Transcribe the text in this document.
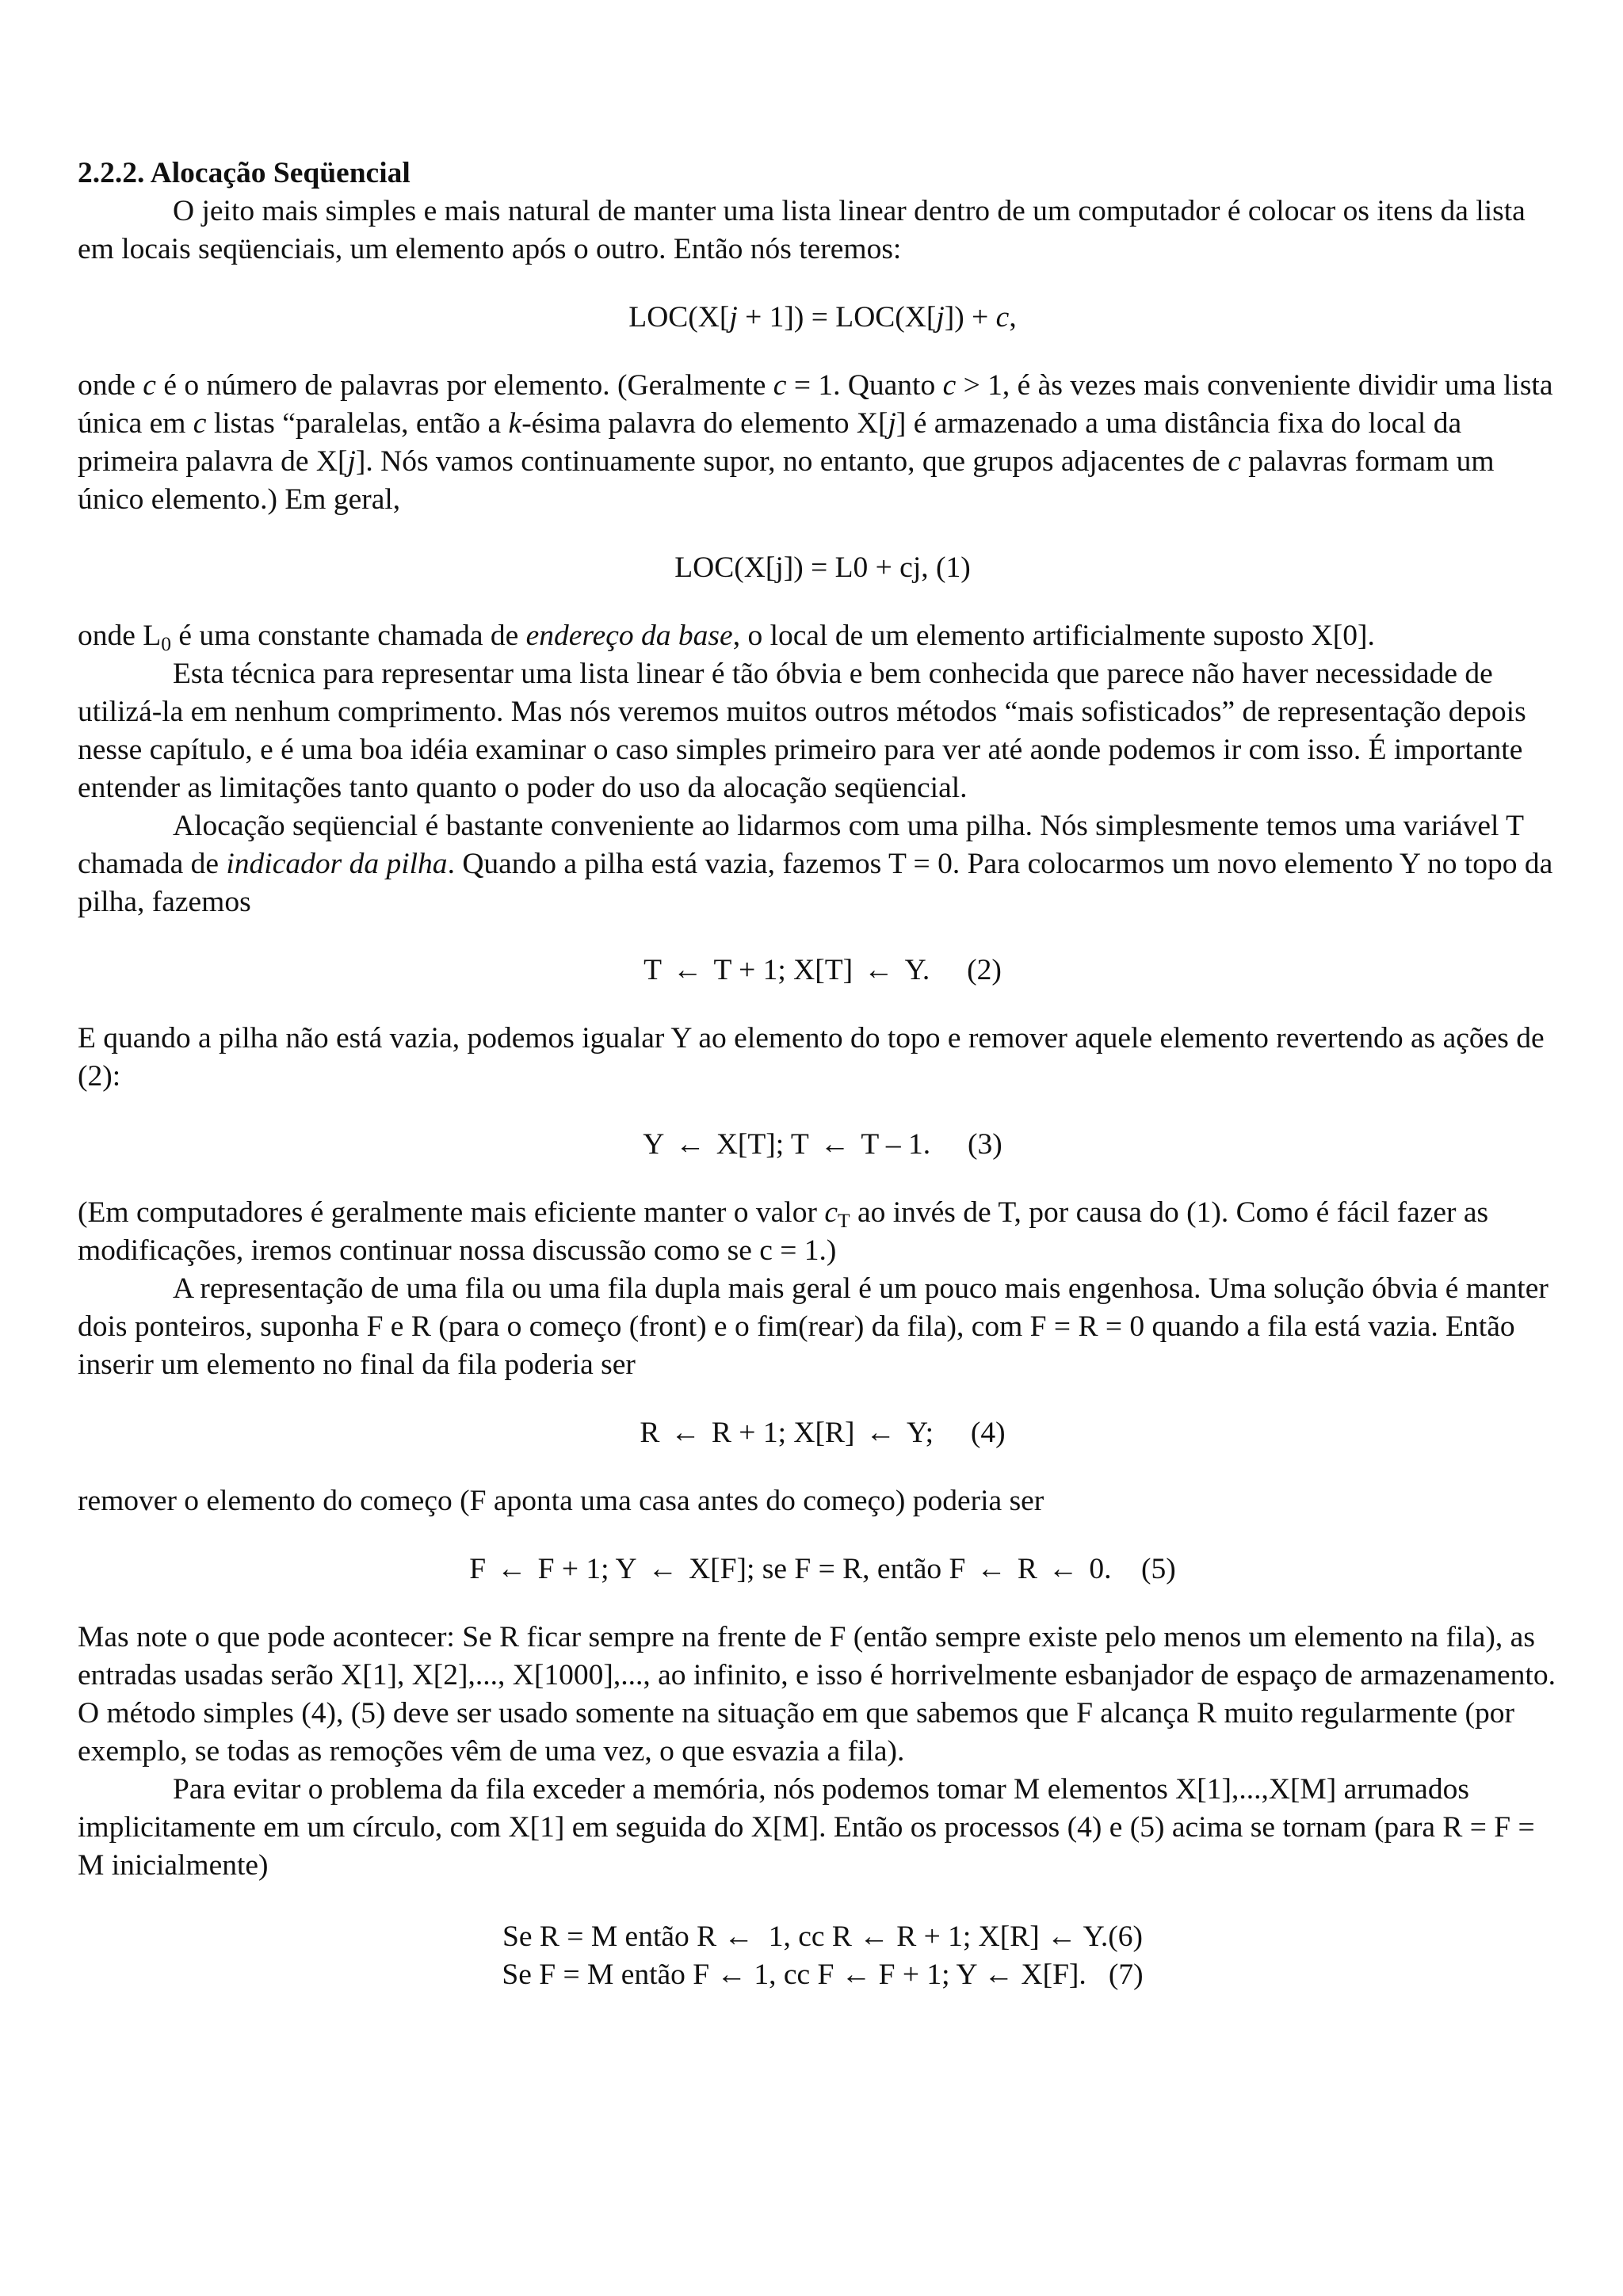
2.2.2. Alocação Seqüencial

O jeito mais simples e mais natural de manter uma lista linear dentro de um computador é colocar os itens da lista em locais seqüenciais, um elemento após o outro. Então nós teremos:

LOC(X[j + 1]) = LOC(X[j]) + c,

onde c é o número de palavras por elemento. (Geralmente c = 1. Quanto c > 1, é às vezes mais conveniente dividir uma lista única em c listas “paralelas, então a k-ésima palavra do elemento X[j] é armazenado a uma distância fixa do local da primeira palavra de X[j]. Nós vamos continuamente supor, no entanto, que grupos adjacentes de c palavras formam um único elemento.) Em geral,

LOC(X[j]) = L0 + cj, (1)

onde $L_0$ é uma constante chamada de endereço da base, o local de um elemento artificialmente suposto X[0].

Esta técnica para representar uma lista linear é tão óbvia e bem conhecida que parece não haver necessidade de utilizá-la em nenhum comprimento. Mas nós veremos muitos outros métodos “mais sofisticados” de representação depois nesse capítulo, e é uma boa idéia examinar o caso simples primeiro para ver até aonde podemos ir com isso. É importante entender as limitações tanto quanto o poder do uso da alocação seqüencial.

Alocação seqüencial é bastante conveniente ao lidarmos com uma pilha. Nós simplesmente temos uma variável T chamada de indicador da pilha. Quando a pilha está vazia, fazemos T = 0. Para colocarmos um novo elemento Y no topo da pilha, fazemos

T ← T + 1; X[T] ← Y.     (2)

E quando a pilha não está vazia, podemos igualar Y ao elemento do topo e remover aquele elemento revertendo as ações de (2):

Y ← X[T]; T ← T – 1.     (3)

(Em computadores é geralmente mais eficiente manter o valor $c_T$ ao invés de T, por causa do (1). Como é fácil fazer as modificações, iremos continuar nossa discussão como se c = 1.)

A representação de uma fila ou uma fila dupla mais geral é um pouco mais engenhosa. Uma solução óbvia é manter dois ponteiros, suponha F e R (para o começo (front) e o fim(rear) da fila), com F = R = 0 quando a fila está vazia. Então inserir um elemento no final da fila poderia ser

R ← R + 1; X[R] ← Y;     (4)

remover o elemento do começo (F aponta uma casa antes do começo) poderia ser

F ← F + 1; Y ← X[F]; se F = R, então F ← R ← 0.    (5)

Mas note o que pode acontecer: Se R ficar sempre na frente de F (então sempre existe pelo menos um elemento na fila), as entradas usadas serão X[1], X[2],..., X[1000],..., ao infinito, e isso é horrivelmente esbanjador de espaço de armazenamento. O método simples (4), (5) deve ser usado somente na situação em que sabemos que F alcança R muito regularmente (por exemplo, se todas as remoções vêm de uma vez, o que esvazia a fila).

Para evitar o problema da fila exceder a memória, nós podemos tomar M elementos X[1],...,X[M] arrumados implicitamente em um círculo, com X[1] em seguida do X[M]. Então os processos (4) e (5) acima se tornam (para R = F = M inicialmente)

Se R = M então R ←  1, cc R ← R + 1; X[R] ← Y.(6)
Se F = M então F ← 1, cc F ← F + 1; Y ← X[F].   (7)
